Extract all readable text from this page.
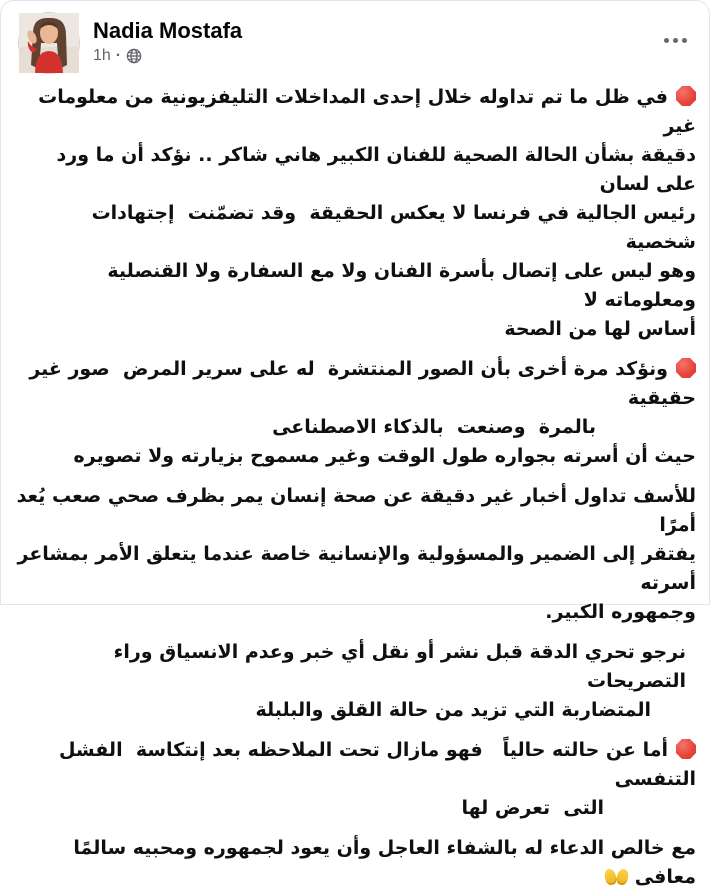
Nadia Mostafa
1h ·
في ظل ما تم تداوله خلال إحدى المداخلات التليفزيونية من معلومات غير
دقيقة بشأن الحالة الصحية للفنان الكبير هاني شاكر .. نؤكد أن ما ورد على لسان
رئيس الجالية في فرنسا لا يعكس الحقيقة  وقد تضمّنت  إجتهادات شخصية
وهو ليس على إتصال بأسرة الفنان ولا مع السفارة ولا القنصلية ومعلوماته لا
أساس لها من الصحة
ونؤكد مرة أخرى بأن الصور المنتشرة  له على سرير المرض  صور غير حقيقية
بالمرة  وصنعت  بالذكاء الاصطناعى
حيث أن أسرته بجواره طول الوقت وغير مسموح بزيارته ولا تصويره
للأسف تداول أخبار غير دقيقة عن صحة إنسان يمر بظرف صحي صعب يُعد أمرًا
يفتقر إلى الضمير والمسؤولية والإنسانية خاصة عندما يتعلق الأمر بمشاعر أسرته
وجمهوره الكبير.
نرجو تحري الدقة قبل نشر أو نقل أي خبر وعدم الانسياق وراء التصريحات
المتضاربة التي تزيد من حالة القلق والبلبلة
أما عن حالته حالياً   فهو مازال تحت الملاحظه بعد إنتكاسة  الفشل التنفسى
التى  تعرض لها
مع خالص الدعاء له بالشفاء العاجل وأن يعود لجمهوره ومحبيه سالمًا معافى
